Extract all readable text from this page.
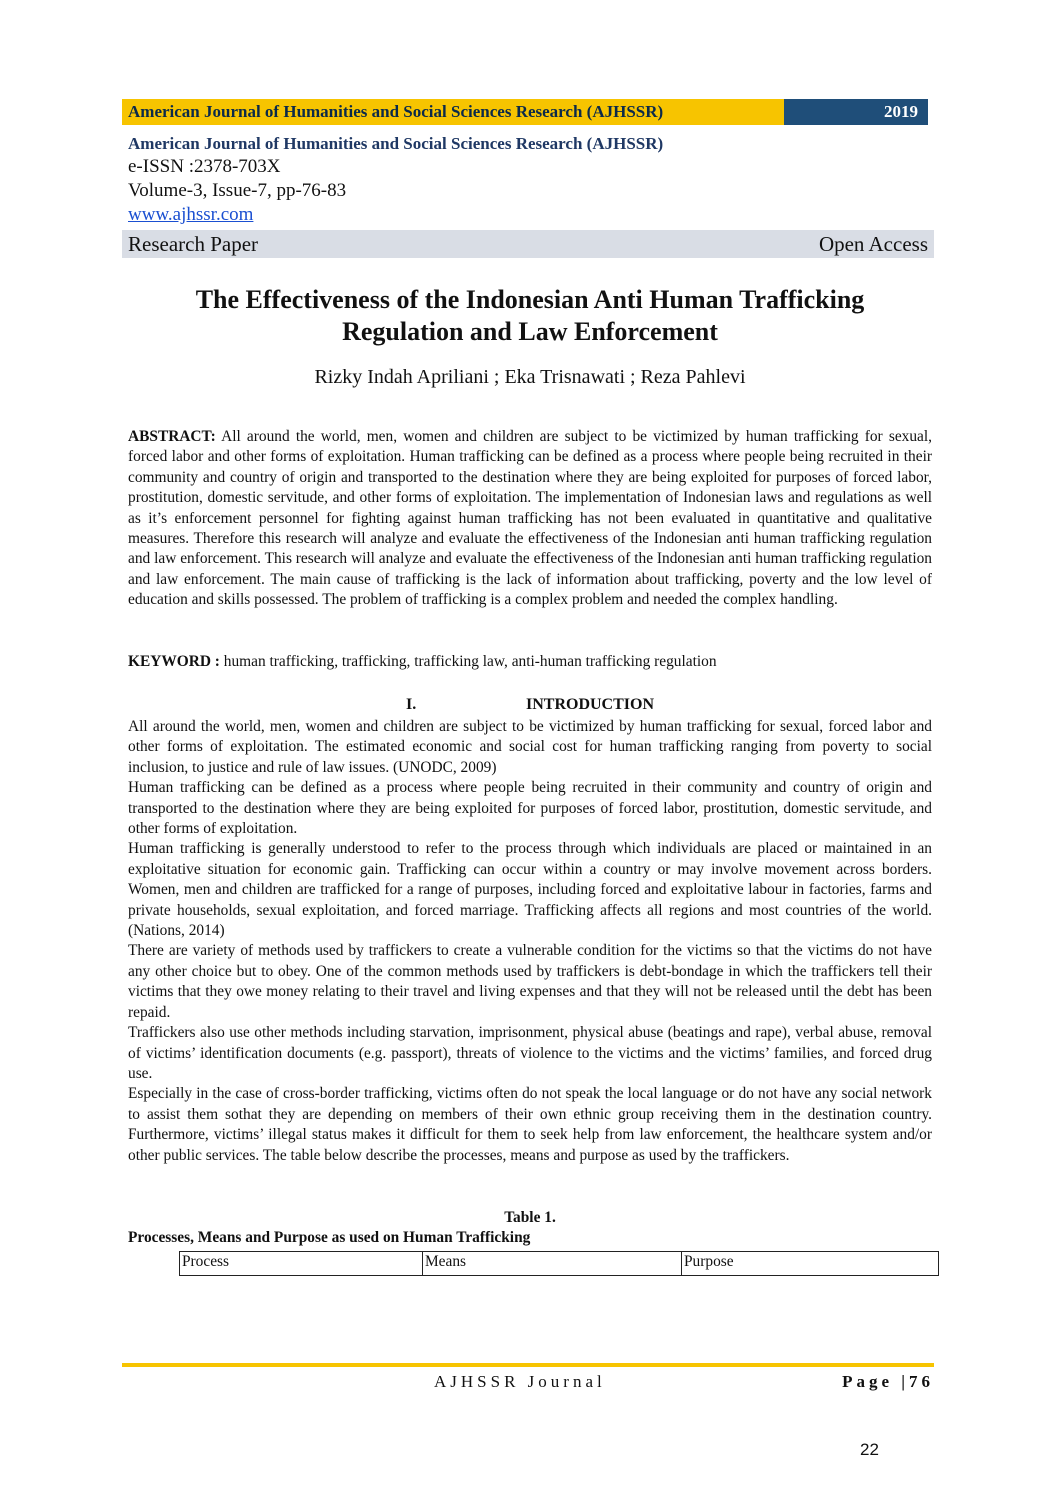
American Journal of Humanities and Social Sciences Research (AJHSSR)	2019
American Journal of Humanities and Social Sciences Research (AJHSSR)
e-ISSN :2378-703X
Volume-3, Issue-7, pp-76-83
www.ajhssr.com
Research Paper	Open Access
The Effectiveness of the Indonesian Anti Human Trafficking
Regulation and Law Enforcement
Rizky Indah Apriliani ; Eka Trisnawati ; Reza Pahlevi
ABSTRACT: All around the world, men, women and children are subject to be victimized by human trafficking for sexual, forced labor and other forms of exploitation. Human trafficking can be defined as a process where people being recruited in their community and country of origin and transported to the destination where they are being exploited for purposes of forced labor, prostitution, domestic servitude, and other forms of exploitation. The implementation of Indonesian laws and regulations as well as it’s enforcement personnel for fighting against human trafficking has not been evaluated in quantitative and qualitative measures. Therefore this research will analyze and evaluate the effectiveness of the Indonesian anti human trafficking regulation and law enforcement. This research will analyze and evaluate the effectiveness of the Indonesian anti human trafficking regulation and law enforcement. The main cause of trafficking is the lack of information about trafficking, poverty and the low level of education and skills possessed. The problem of trafficking is a complex problem and needed the complex handling.
KEYWORD : human trafficking, trafficking, trafficking law, anti-human trafficking regulation
I.	INTRODUCTION

All around the world, men, women and children are subject to be victimized by human trafficking for sexual, forced labor and other forms of exploitation. The estimated economic and social cost for human trafficking ranging from poverty to social inclusion, to justice and rule of law issues. (UNODC, 2009)

Human trafficking can be defined as a process where people being recruited in their community and country of origin and transported to the destination where they are being exploited for purposes of forced labor, prostitution, domestic servitude, and other forms of exploitation.

Human trafficking is generally understood to refer to the process through which individuals are placed or maintained in an exploitative situation for economic gain. Trafficking can occur within a country or may involve movement across borders. Women, men and children are trafficked for a range of purposes, including forced and exploitative labour in factories, farms and private households, sexual exploitation, and forced marriage. Trafficking affects all regions and most countries of the world. (Nations, 2014)

There are variety of methods used by traffickers to create a vulnerable condition for the victims so that the victims do not have any other choice but to obey. One of the common methods used by traffickers is debt-bondage in which the traffickers tell their victims that they owe money relating to their travel and living expenses and that they will not be released until the debt has been repaid.

Traffickers also use other methods including starvation, imprisonment, physical abuse (beatings and rape), verbal abuse, removal of victims’ identification documents (e.g. passport), threats of violence to the victims and the victims’ families, and forced drug use.

Especially in the case of cross-border trafficking, victims often do not speak the local language or do not have any social network to assist them sothat they are depending on members of their own ethnic group receiving them in the destination country. Furthermore, victims’ illegal status makes it difficult for them to seek help from law enforcement, the healthcare system and/or other public services. The table below describe the processes, means and purpose as used by the traffickers.

Table 1.
Processes, Means and Purpose as used on Human Trafficking
Process	Means	Purpose
AJHSSR Journal	Page |76
22
